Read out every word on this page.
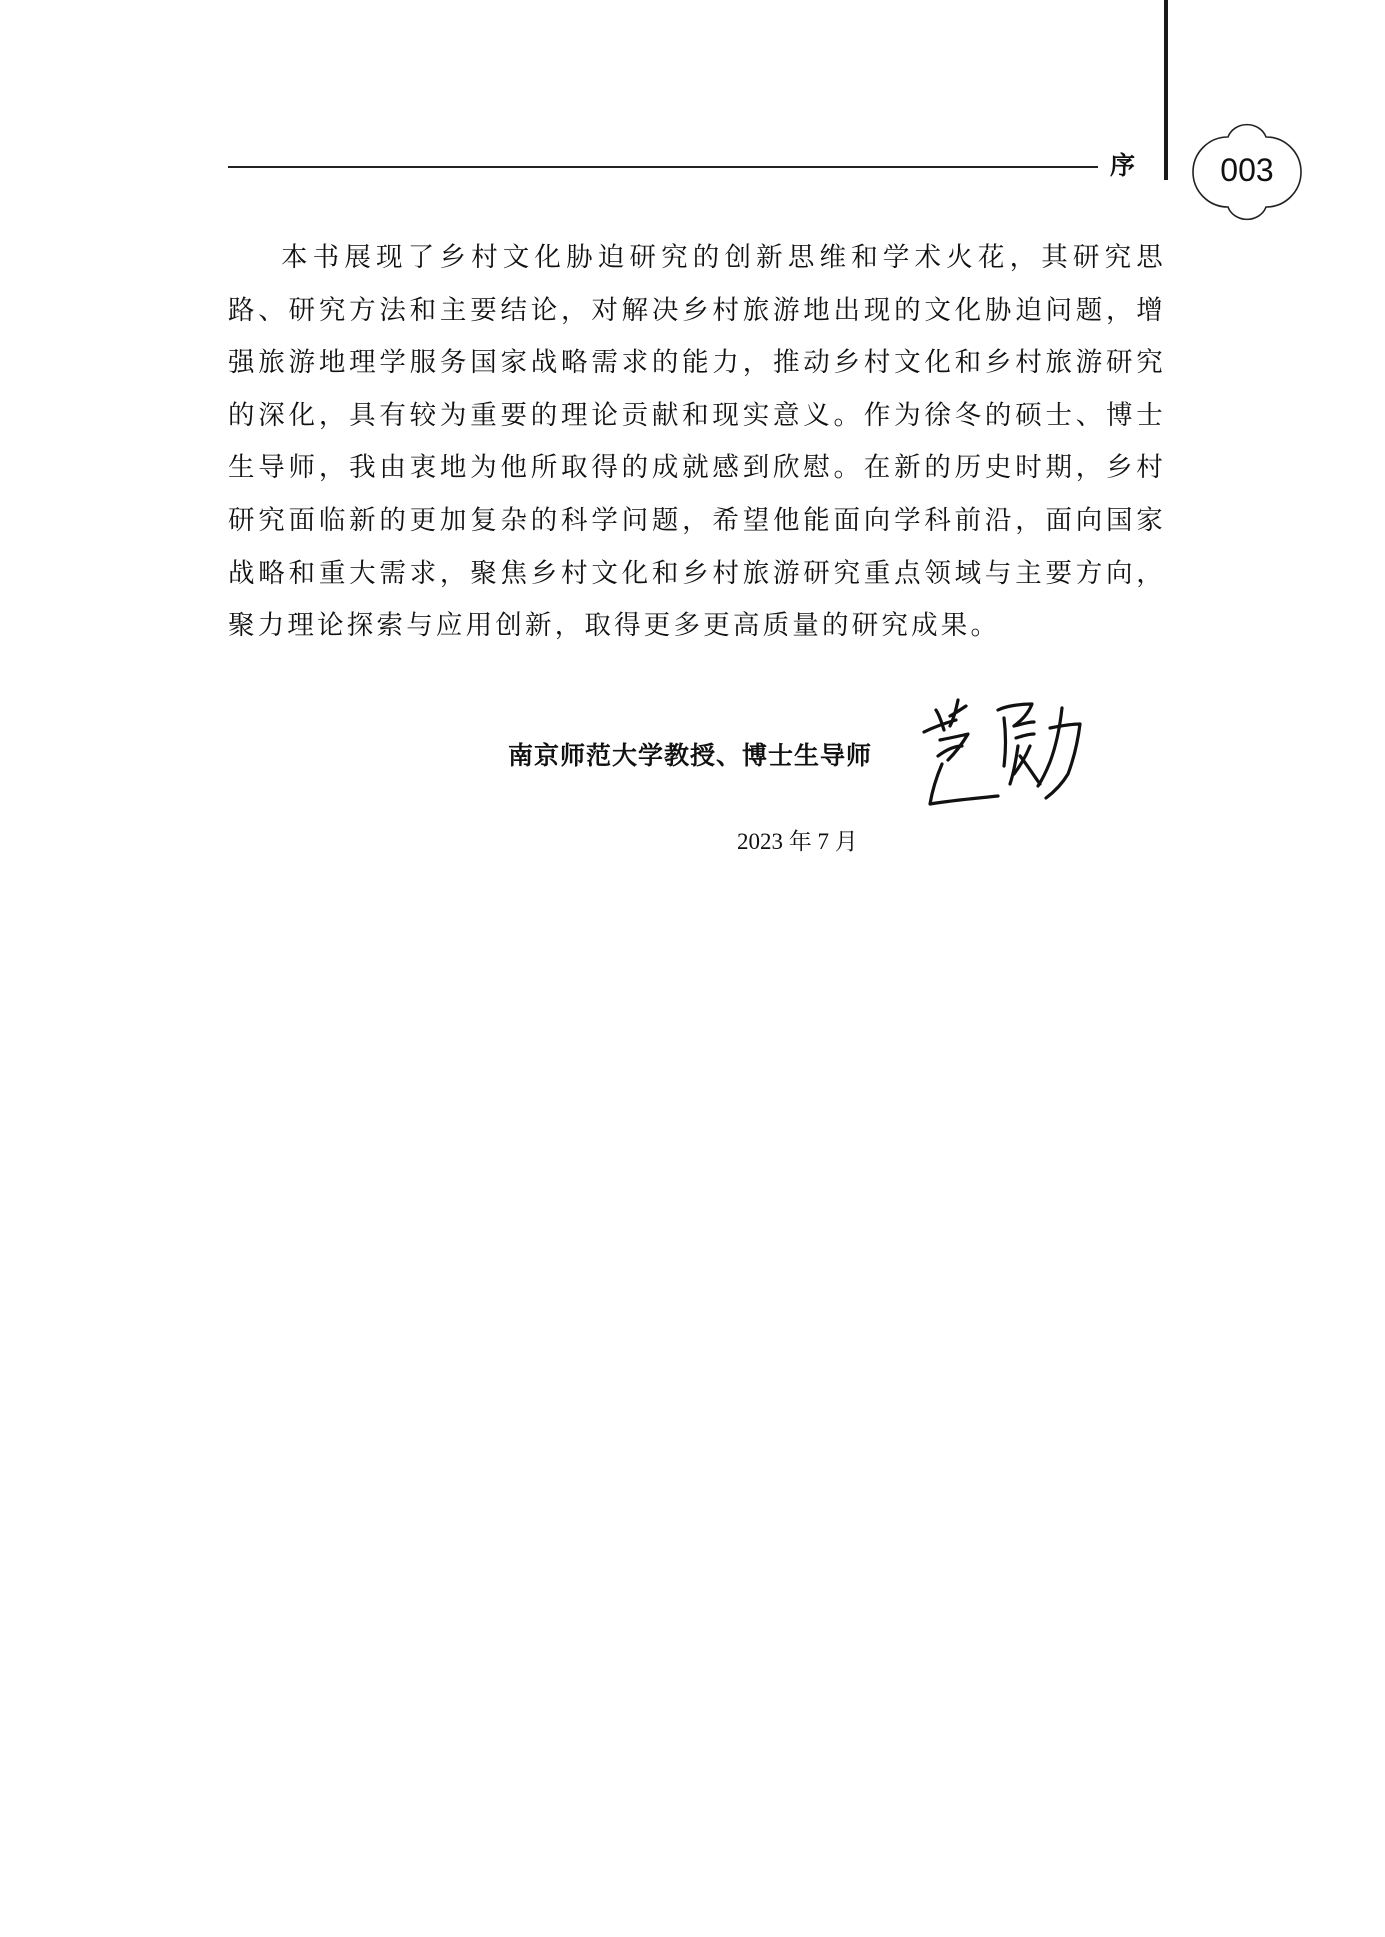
序	003

本书展现了乡村文化胁迫研究的创新思维和学术火花，其研究思路、研究方法和主要结论，对解决乡村旅游地出现的文化胁迫问题，增强旅游地理学服务国家战略需求的能力，推动乡村文化和乡村旅游研究的深化，具有较为重要的理论贡献和现实意义。作为徐冬的硕士、博士生导师，我由衷地为他所取得的成就感到欣慰。在新的历史时期，乡村研究面临新的更加复杂的科学问题，希望他能面向学科前沿，面向国家战略和重大需求，聚焦乡村文化和乡村旅游研究重点领域与主要方向，聚力理论探索与应用创新，取得更多更高质量的研究成果。

南京师范大学教授、博士生导师
2023 年 7 月
